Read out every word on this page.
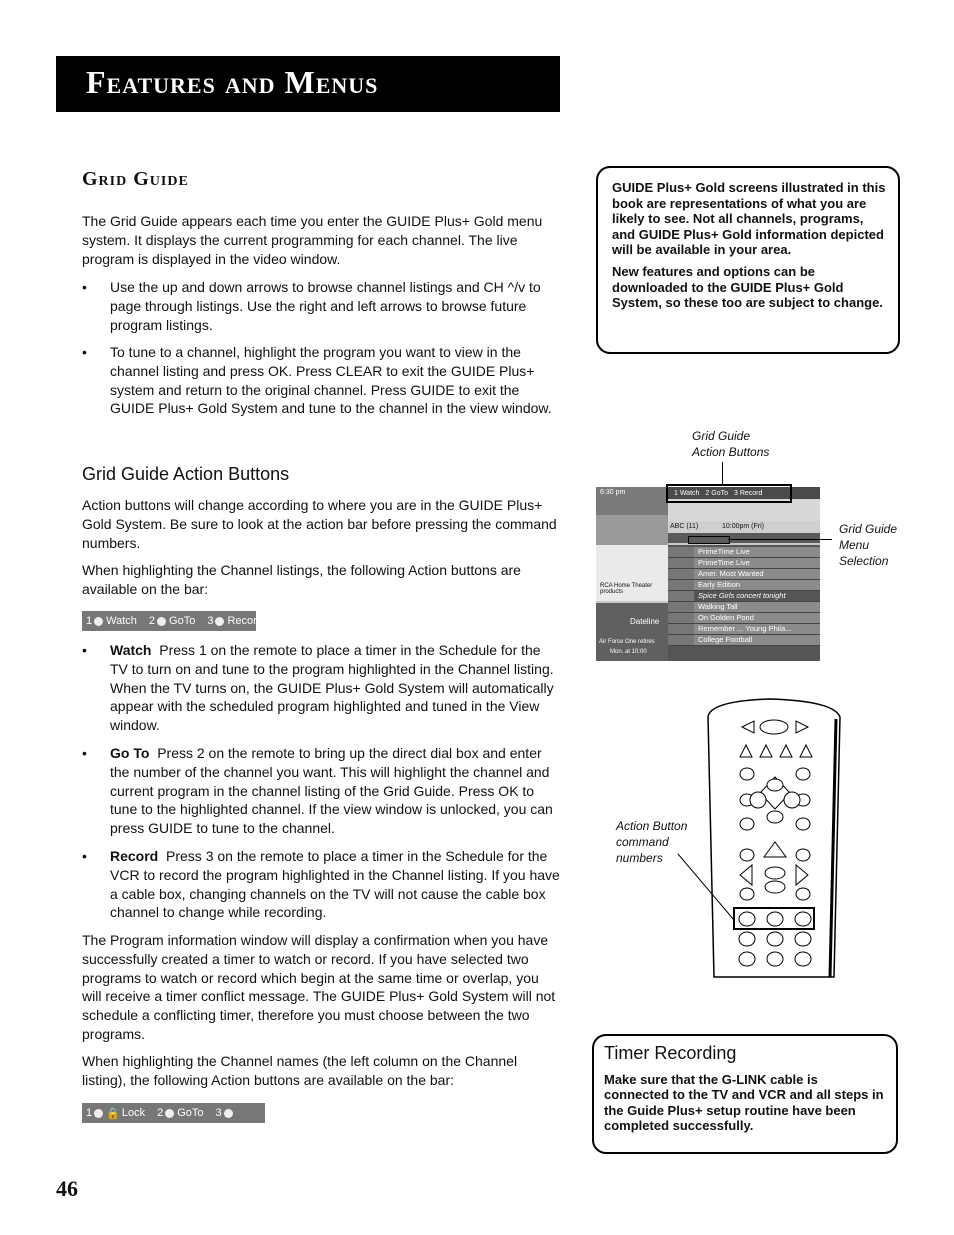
Features and Menus
Grid Guide
The Grid Guide appears each time you enter the GUIDE Plus+ Gold menu system. It displays the current programming for each channel. The live program is displayed in the video window.
• Use the up and down arrows to browse channel listings and CH ^/v to page through listings. Use the right and left arrows to browse future program listings.
• To tune to a channel, highlight the program you want to view in the channel listing and press OK. Press CLEAR to exit the GUIDE Plus+ system and return to the original channel. Press GUIDE to exit the GUIDE Plus+ Gold System and tune to the channel in the view window.
Grid Guide Action Buttons
Action buttons will change according to where you are in the GUIDE Plus+ Gold System. Be sure to look at the action bar before pressing the command numbers.
When highlighting the Channel listings, the following Action buttons are available on the bar:
1 Watch 2 GoTo 3 Record
• Watch Press 1 on the remote to place a timer in the Schedule for the TV to turn on and tune to the program highlighted in the Channel listing. When the TV turns on, the GUIDE Plus+ Gold System will automatically appear with the scheduled program highlighted and tuned in the View window.
• Go To Press 2 on the remote to bring up the direct dial box and enter the number of the channel you want. This will highlight the channel and current program in the channel listing of the Grid Guide. Press OK to tune to the highlighted channel. If the view window is unlocked, you can press GUIDE to tune to the channel.
• Record Press 3 on the remote to place a timer in the Schedule for the VCR to record the program highlighted in the Channel listing. If you have a cable box, changing channels on the TV will not cause the cable box channel to change while recording.
The Program information window will display a confirmation when you have successfully created a timer to watch or record. If you have selected two programs to watch or record which begin at the same time or overlap, you will receive a timer conflict message. The GUIDE Plus+ Gold System will not schedule a conflicting timer, therefore you must choose between the two programs.
When highlighting the Channel names (the left column on the Channel listing), the following Action buttons are available on the bar:
1 🔒 Lock 2 GoTo 3

GUIDE Plus+ Gold screens illustrated in this book are representations of what you are likely to see. Not all channels, programs, and GUIDE Plus+ Gold information depicted will be available in your area.

New features and options can be downloaded to the GUIDE Plus+ Gold System, so these too are subject to change.

Grid Guide
Action Buttons
Grid Guide
Menu
Selection
Action Button
command
numbers
6:30 pm	1 Watch 2 GoTo 3 Record
ABC (11)	10:00pm (Fri)
RCA Home Theater products
Dateline
Air Force One retires
Mon. at 10:00
PrimeTime Live
PrimeTime Live
Amer. Most Wanted
Early Edition
Spice Girls concert tonight
Walking Tall
On Golden Pond
Remember ... Young Phila...
College Football
Timer Recording
Make sure that the G-LINK cable is connected to the TV and VCR and all steps in the Guide Plus+ setup routine have been completed successfully.
46
